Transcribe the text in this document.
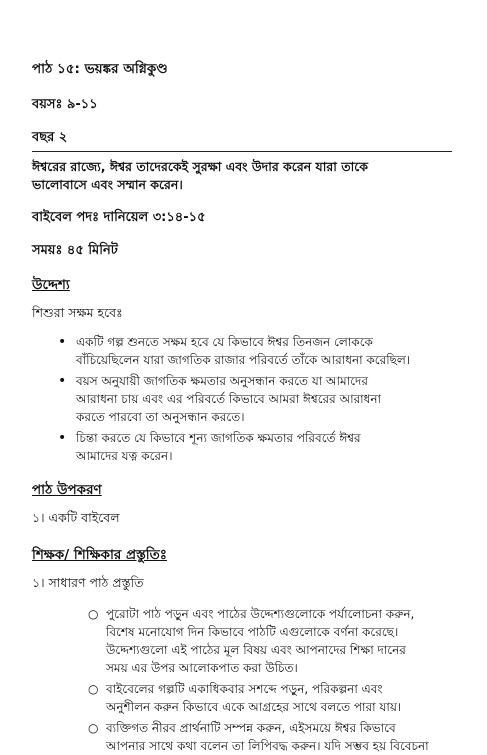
পাঠ ১৫: ভয়ঙ্কর অগ্নিকুণ্ড
বয়সঃ ৯-১১
বছর ২
ঈশ্বরের রাজ্যে, ঈশ্বর তাদেরকেই সুরক্ষা এবং উদার করেন যারা তাকে
ভালোবাসে এবং সম্মান করেন।
বাইবেল পদঃ দানিয়েল ৩:১৪-১৫
সময়ঃ ৪৫ মিনিট
উদ্দেশ্য
শিশুরা সক্ষম হবেঃ
• একটি গল্প শুনতে সক্ষম হবে যে কিভাবে ঈশ্বর তিনজন লোককে
বাঁচিয়েছিলেন যারা জাগতিক রাজার পরিবর্তে তাঁকে আরাধনা করেছিল।
• বয়স অনুযায়ী জাগতিক ক্ষমতার অনুসন্ধান করতে যা আমাদের
আরাধনা চায় এবং এর পরিবর্তে কিভাবে আমরা ঈশ্বরের আরাধনা
করতে পারবো তা অনুসন্ধান করতে।
• চিন্তা করতে যে কিভাবে শূন্য জাগতিক ক্ষমতার পরিবর্তে ঈশ্বর
আমাদের যত্ন করেন।
পাঠ উপকরণ
১। একটি বাইবেল
শিক্ষক/ শিক্ষিকার প্রস্তুতিঃ
১। সাধারণ পাঠ প্রস্তুতি
○ পুরোটা পাঠ পড়ুন এবং পাঠের উদ্দেশ্যগুলোকে পর্যালোচনা করুন,
বিশেষ মনোযোগ দিন কিভাবে পাঠটি এগুলোকে বর্ণনা করেছে।
উদ্দেশ্যগুলো এই পাঠের মূল বিষয় এবং আপনাদের শিক্ষা দানের
সময় এর উপর আলোকপাত করা উচিত।
○ বাইবেলের গল্পটি একাধিকবার সশব্দে পড়ুন, পরিকল্পনা এবং
অনুশীলন করুন কিভাবে একে আগ্রহের সাথে বলতে পারা যায়।
○ ব্যক্তিগত নীরব প্রার্থনাটি সম্পন্ন করুন, এইসময়ে ঈশ্বর কিভাবে
আপনার সাথে কথা বলেন তা লিপিবদ্ধ করুন। যদি সম্ভব হয় বিবেচনা
